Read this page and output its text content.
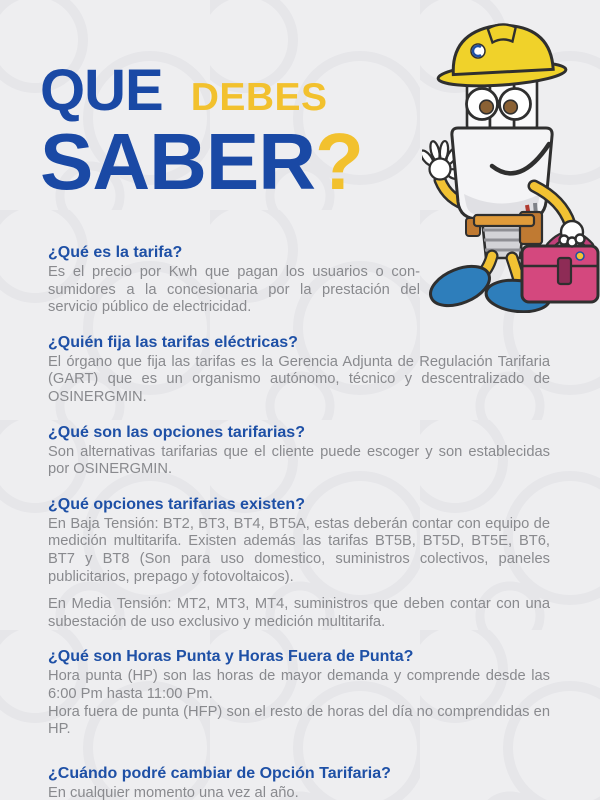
QUE DEBES
SABER?
¿Qué es la tarifa?

Es el precio por Kwh que pagan los usuarios o con- sumidores a la concesionaria por la prestación del servicio público de electricidad.

¿Quién fija las tarifas eléctricas?

El órgano que fija las tarifas es la Gerencia Adjunta de Regulación Tarifaria (GART) que es un organismo autónomo, técnico y descentralizado de OSINERGMIN.

¿Qué son las opciones tarifarias?

Son alternativas tarifarias que el cliente puede escoger y son establecidas por OSINERGMIN.

¿Qué opciones tarifarias existen?

En Baja Tensión: BT2, BT3, BT4, BT5A, estas deberán contar con equipo de medición multitarifa. Existen además las tarifas BT5B, BT5D, BT5E, BT6, BT7 y BT8 (Son para uso domestico, suministros colectivos, paneles publicitarios, prepago y fotovoltaicos).

En Media Tensión: MT2, MT3, MT4, suministros que deben contar con una subestación de uso exclusivo y medición multitarifa.

¿Qué son Horas Punta y Horas Fuera de Punta?

Hora punta (HP) son las horas de mayor demanda y comprende desde las 6:00 Pm hasta 11:00 Pm.

Hora fuera de punta (HFP) son el resto de horas del día no comprendidas en HP.

¿Cuándo podré cambiar de Opción Tarifaria?

En cualquier momento una vez al año.
